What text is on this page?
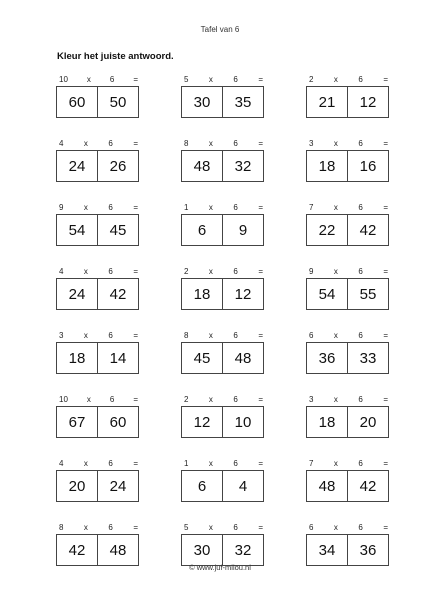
Tafel van 6
Kleur het juiste antwoord.
10 x 6 =
60	50
5	x	6	=
30	35
2	x	6	=
21	12
4	x	6	=
24	26
8	x	6	=
48	32
3	x	6	=
18	16
9	x	6	=
54	45
1	x	6	=
6	9
7	x	6	=
22	42
4	x	6	=
24	42
2	x	6	=
18	12
9	x	6	=
54	55
3	x	6	=
18	14
8	x	6	=
45	48
6	x	6	=
36	33
10 x 6 =
67	60
2	x	6	=
12	10
3	x	6	=
18	20
4	x	6	=
20	24
1	x	6	=
6	4
7	x	6	=
48	42
8	x	6	=
42	48
5	x	6	=
30	32
6	x	6	=
34	36
© www.juf-milou.nl
